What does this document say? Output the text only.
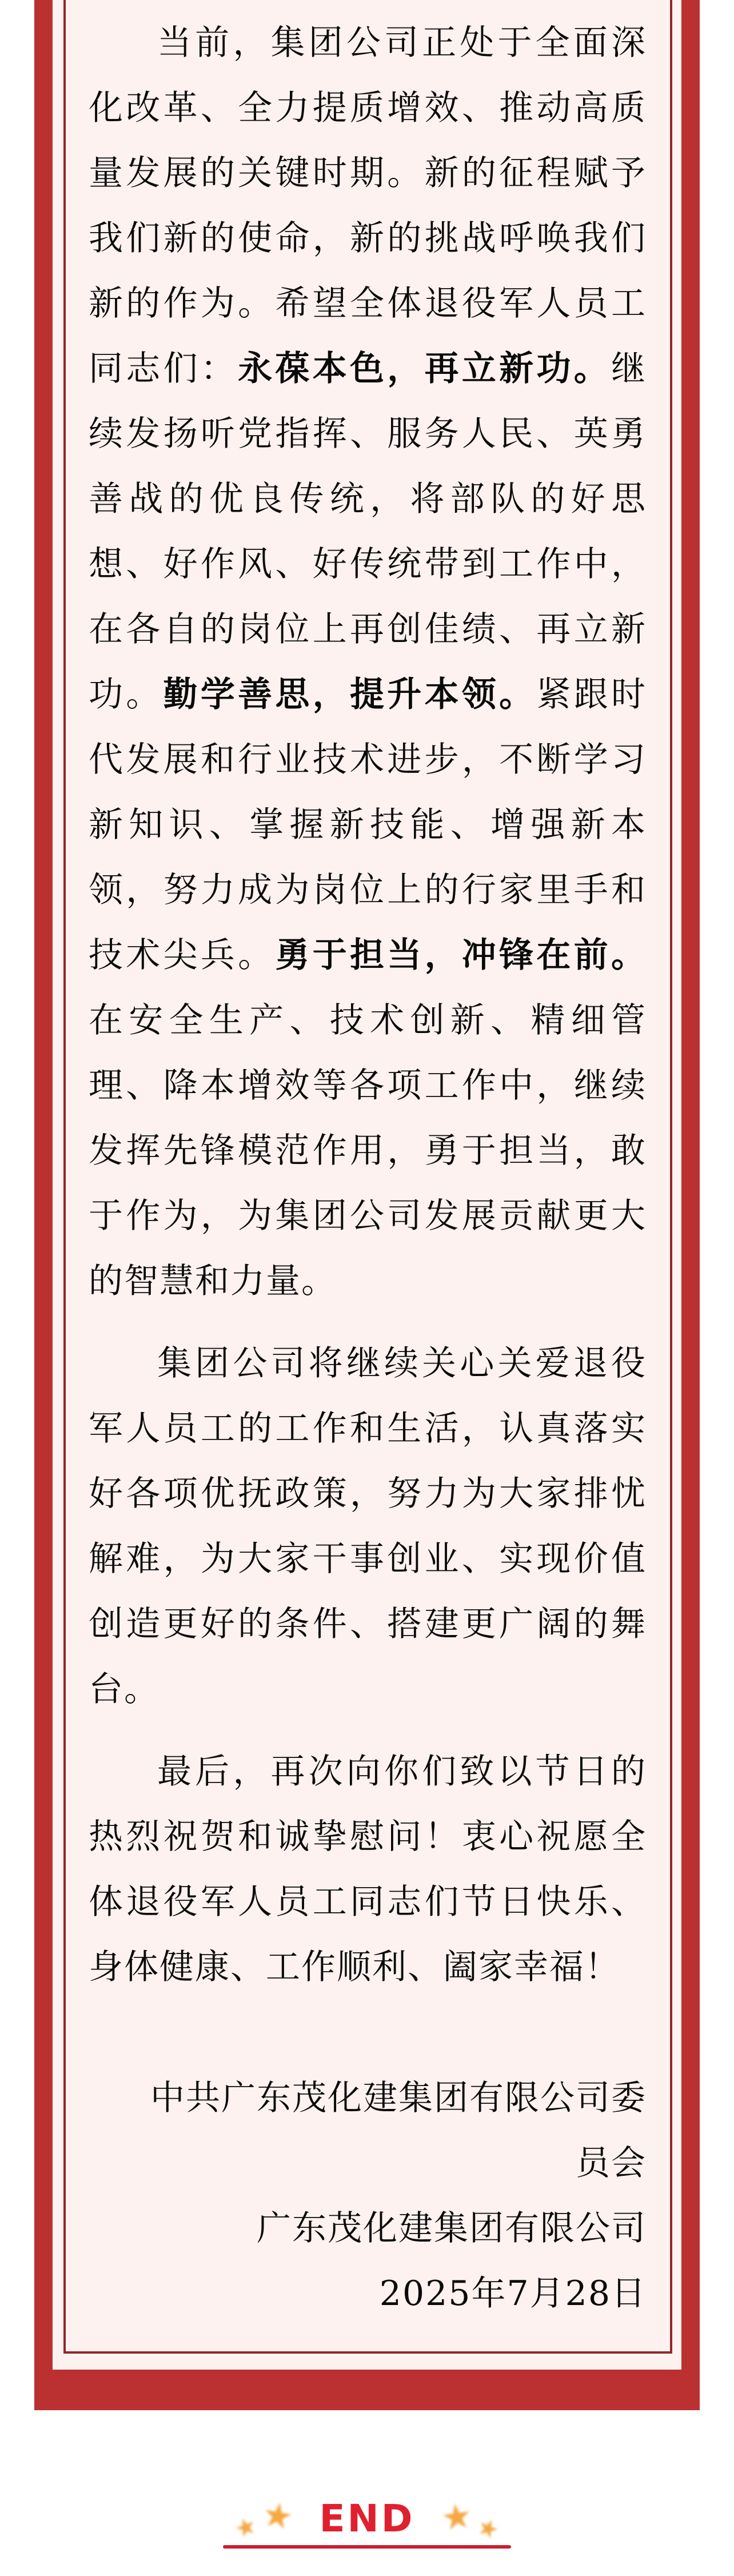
当前，集团公司正处于全面深化改革、全力提质增效、推动高质量发展的关键时期。新的征程赋予我们新的使命，新的挑战呼唤我们新的作为。希望全体退役军人员工同志们：永葆本色，再立新功。继续发扬听党指挥、服务人民、英勇善战的优良传统，将部队的好思想、好作风、好传统带到工作中，在各自的岗位上再创佳绩、再立新功。勤学善思，提升本领。紧跟时代发展和行业技术进步，不断学习新知识、掌握新技能、增强新本领，努力成为岗位上的行家里手和技术尖兵。勇于担当，冲锋在前。在安全生产、技术创新、精细管理、降本增效等各项工作中，继续发挥先锋模范作用，勇于担当，敢于作为，为集团公司发展贡献更大的智慧和力量。

集团公司将继续关心关爱退役军人员工的工作和生活，认真落实好各项优抚政策，努力为大家排忧解难，为大家干事创业、实现价值创造更好的条件、搭建更广阔的舞台。

最后，再次向你们致以节日的热烈祝贺和诚挚慰问！衷心祝愿全体退役军人员工同志们节日快乐、身体健康、工作顺利、阖家幸福！

中共广东茂化建集团有限公司委员会
广东茂化建集团有限公司
2025年7月28日
★
★ END ★
★
